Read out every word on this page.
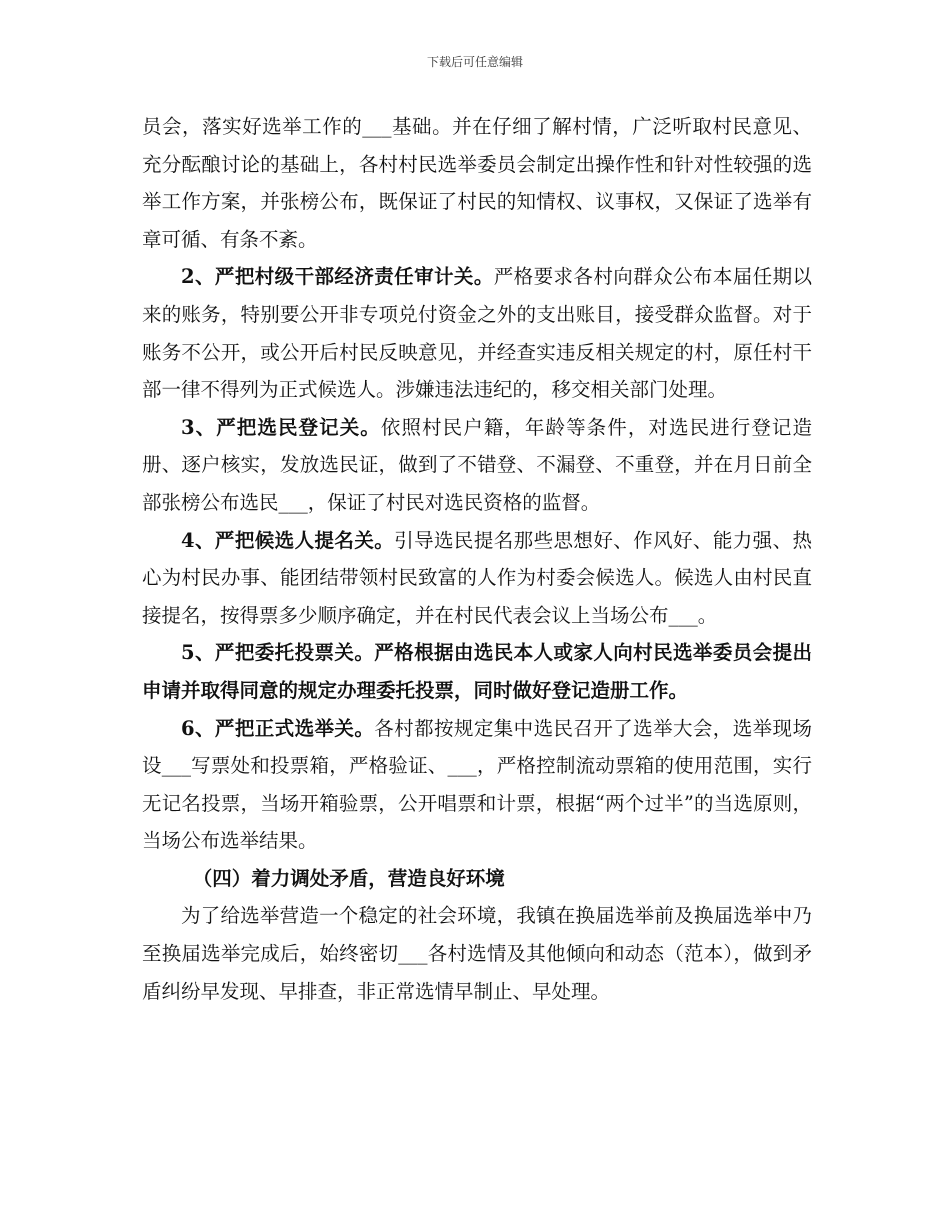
下载后可任意编辑

员会，落实好选举工作的___基础。并在仔细了解村情，广泛听取村民意见、充分酝酿讨论的基础上，各村村民选举委员会制定出操作性和针对性较强的选举工作方案，并张榜公布，既保证了村民的知情权、议事权，又保证了选举有章可循、有条不紊。

2、严把村级干部经济责任审计关。严格要求各村向群众公布本届任期以来的账务，特别要公开非专项兑付资金之外的支出账目，接受群众监督。对于账务不公开，或公开后村民反映意见，并经查实违反相关规定的村，原任村干部一律不得列为正式候选人。涉嫌违法违纪的，移交相关部门处理。

3、严把选民登记关。依照村民户籍，年龄等条件，对选民进行登记造册、逐户核实，发放选民证，做到了不错登、不漏登、不重登，并在月日前全部张榜公布选民___，保证了村民对选民资格的监督。

4、严把候选人提名关。引导选民提名那些思想好、作风好、能力强、热心为村民办事、能团结带领村民致富的人作为村委会候选人。候选人由村民直接提名，按得票多少顺序确定，并在村民代表会议上当场公布___。

5、严把委托投票关。严格根据由选民本人或家人向村民选举委员会提出申请并取得同意的规定办理委托投票，同时做好登记造册工作。

6、严把正式选举关。各村都按规定集中选民召开了选举大会，选举现场设___写票处和投票箱，严格验证、___，严格控制流动票箱的使用范围，实行无记名投票，当场开箱验票，公开唱票和计票，根据“两个过半”的当选原则，当场公布选举结果。

（四）着力调处矛盾，营造良好环境

为了给选举营造一个稳定的社会环境，我镇在换届选举前及换届选举中乃至换届选举完成后，始终密切___各村选情及其他倾向和动态（范本），做到矛盾纠纷早发现、早排查，非正常选情早制止、早处理。
